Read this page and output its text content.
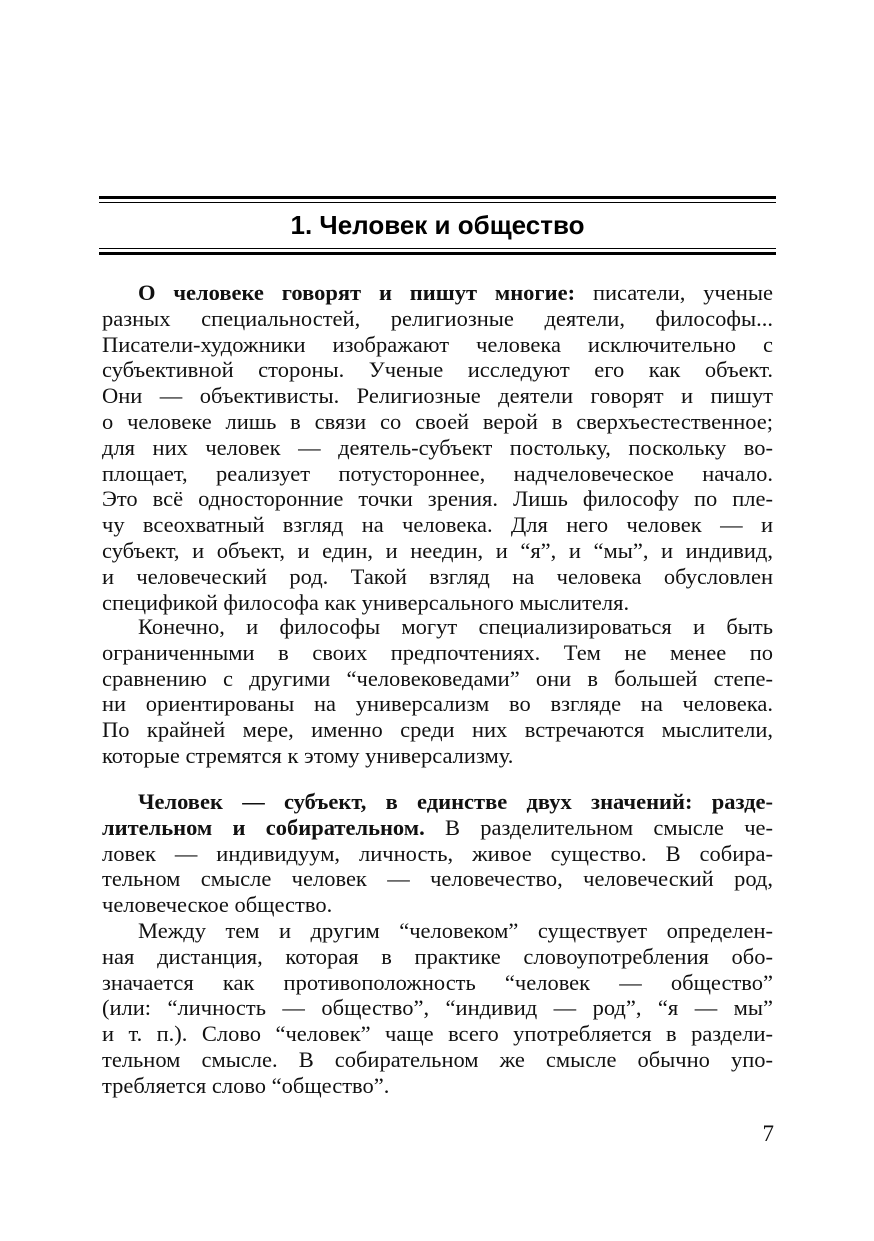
1. Человек и общество
О человеке говорят и пишут многие: писатели, ученые
разных специальностей, религиозные деятели, философы...
Писатели-художники изображают человека исключительно с
субъективной стороны. Ученые исследуют его как объект.
Они — объективисты. Религиозные деятели говорят и пишут
о человеке лишь в связи со своей верой в сверхъестественное;
для них человек — деятель-субъект постольку, поскольку во-
площает, реализует потустороннее, надчеловеческое начало.
Это всё односторонние точки зрения. Лишь философу по пле-
чу всеохватный взгляд на человека. Для него человек — и
субъект, и объект, и един, и неедин, и “я”, и “мы”, и индивид,
и человеческий род. Такой взгляд на человека обусловлен
спецификой философа как универсального мыслителя.
Конечно, и философы могут специализироваться и быть
ограниченными в своих предпочтениях. Тем не менее по
сравнению с другими “человековедами” они в большей степе-
ни ориентированы на универсализм во взгляде на человека.
По крайней мере, именно среди них встречаются мыслители,
которые стремятся к этому универсализму.
Человек — субъект, в единстве двух значений: разде-
лительном и собирательном. В разделительном смысле че-
ловек — индивидуум, личность, живое существо. В собира-
тельном смысле человек — человечество, человеческий род,
человеческое общество.
Между тем и другим “человеком” существует определен-
ная дистанция, которая в практике словоупотребления обо-
значается как противоположность “человек — общество”
(или: “личность — общество”, “индивид — род”, “я — мы”
и т. п.). Слово “человек” чаще всего употребляется в раздели-
тельном смысле. В собирательном же смысле обычно упо-
требляется слово “общество”.
7
